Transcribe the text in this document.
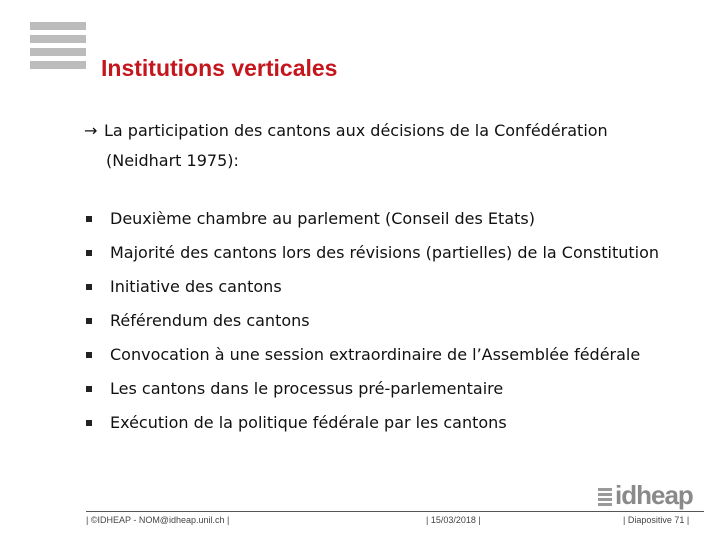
Institutions verticales
→ La participation des cantons aux décisions de la Confédération
(Neidhart 1975):
Deuxième chambre au parlement (Conseil des Etats)
Majorité des cantons lors des révisions (partielles) de la Constitution
Initiative des cantons
Référendum des cantons
Convocation à une session extraordinaire de l’Assemblée fédérale
Les cantons dans le processus pré-parlementaire
Exécution de la politique fédérale par les cantons
idheap
| ©IDHEAP - NOM@idheap.unil.ch |	| 15/03/2018 |	| Diapositive 71 |
